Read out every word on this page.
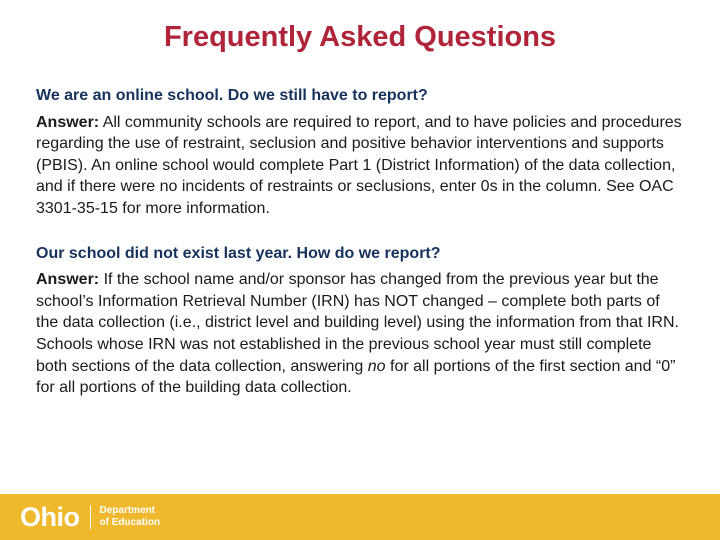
Frequently Asked Questions

We are an online school. Do we still have to report?

Answer: All community schools are required to report, and to have policies and procedures regarding the use of restraint, seclusion and positive behavior interventions and supports (PBIS). An online school would complete Part 1 (District Information) of the data collection, and if there were no incidents of restraints or seclusions, enter 0s in the column. See OAC 3301-35-15 for more information.

Our school did not exist last year. How do we report?

Answer: If the school name and/or sponsor has changed from the previous year but the school’s Information Retrieval Number (IRN) has NOT changed – complete both parts of the data collection (i.e., district level and building level) using the information from that IRN. Schools whose IRN was not established in the previous school year must still complete both sections of the data collection, answering no for all portions of the first section and “0” for all portions of the building data collection.

Ohio Department
of Education
